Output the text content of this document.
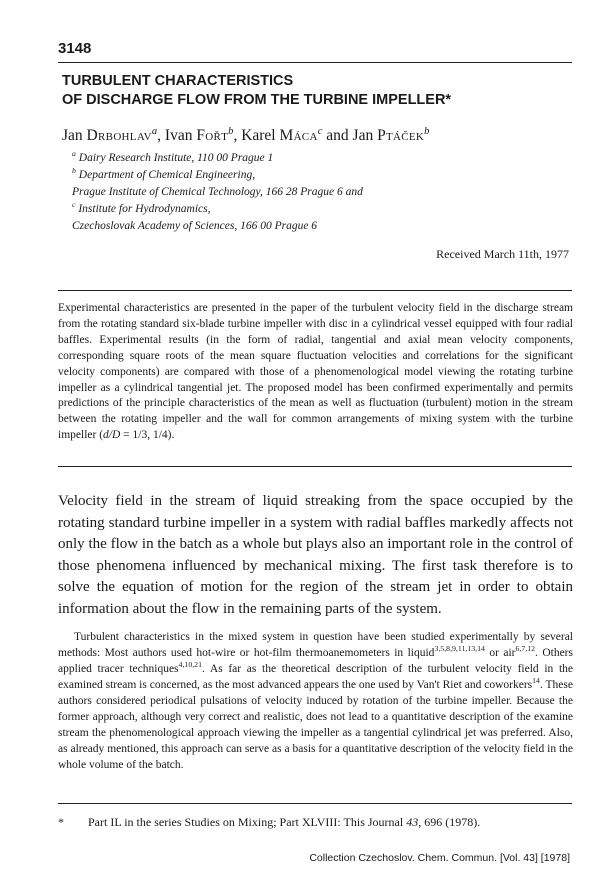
3148
TURBULENT CHARACTERISTICS
OF DISCHARGE FLOW FROM THE TURBINE IMPELLER*
Jan Drbohlav$^a$, Ivan Fořt$^b$, Karel Máca$^c$ and Jan Ptáček$^b$
$^a$ Dairy Research Institute, 110 00 Prague 1
$^b$ Department of Chemical Engineering,
Prague Institute of Chemical Technology, 166 28 Prague 6 and
$^c$ Institute for Hydrodynamics,
Czechoslovak Academy of Sciences, 166 00 Prague 6
Received March 11th, 1977
Experimental characteristics are presented in the paper of the turbulent velocity field in the discharge stream from the rotating standard six-blade turbine impeller with disc in a cylindrical vessel equipped with four radial baffles. Experimental results (in the form of radial, tangential and axial mean velocity components, corresponding square roots of the mean square fluctuation velocities and correlations for the significant velocity components) are compared with those of a phenomenological model viewing the rotating turbine impeller as a cylindrical tangential jet. The proposed model has been confirmed experimentally and permits predictions of the principle characteristics of the mean as well as fluctuation (turbulent) motion in the stream between the rotating impeller and the wall for common arrangements of mixing system with the turbine impeller (d/D = 1/3, 1/4).
Velocity field in the stream of liquid streaking from the space occupied by the rotating standard turbine impeller in a system with radial baffles markedly affects not only the flow in the batch as a whole but plays also an important role in the control of those phenomena influenced by mechanical mixing. The first task therefore is to solve the equation of motion for the region of the stream jet in order to obtain information about the flow in the remaining parts of the system.
Turbulent characteristics in the mixed system in question have been studied experimentally by several methods: Most authors used hot-wire or hot-film thermoanemometers in liquid$^{3,5,8,9,11,13,14}$ or air$^{6,7,12}$. Others applied tracer techniques$^{4,10,21}$. As far as the theoretical description of the turbulent velocity field in the examined stream is concerned, as the most advanced appears the one used by Van't Riet and coworkers$^{14}$. These authors considered periodical pulsations of velocity induced by rotation of the turbine impeller. Because the former approach, although very correct and realistic, does not lead to a quantitative description of the examine stream the phenomenological approach viewing the impeller as a tangential cylindrical jet was preferred. Also, as already mentioned, this approach can serve as a basis for a quantitative description of the velocity field in the whole volume of the batch.
* Part IL in the series Studies on Mixing; Part XLVIII: This Journal 43, 696 (1978).
Collection Czechoslov. Chem. Commun. [Vol. 43] [1978]
